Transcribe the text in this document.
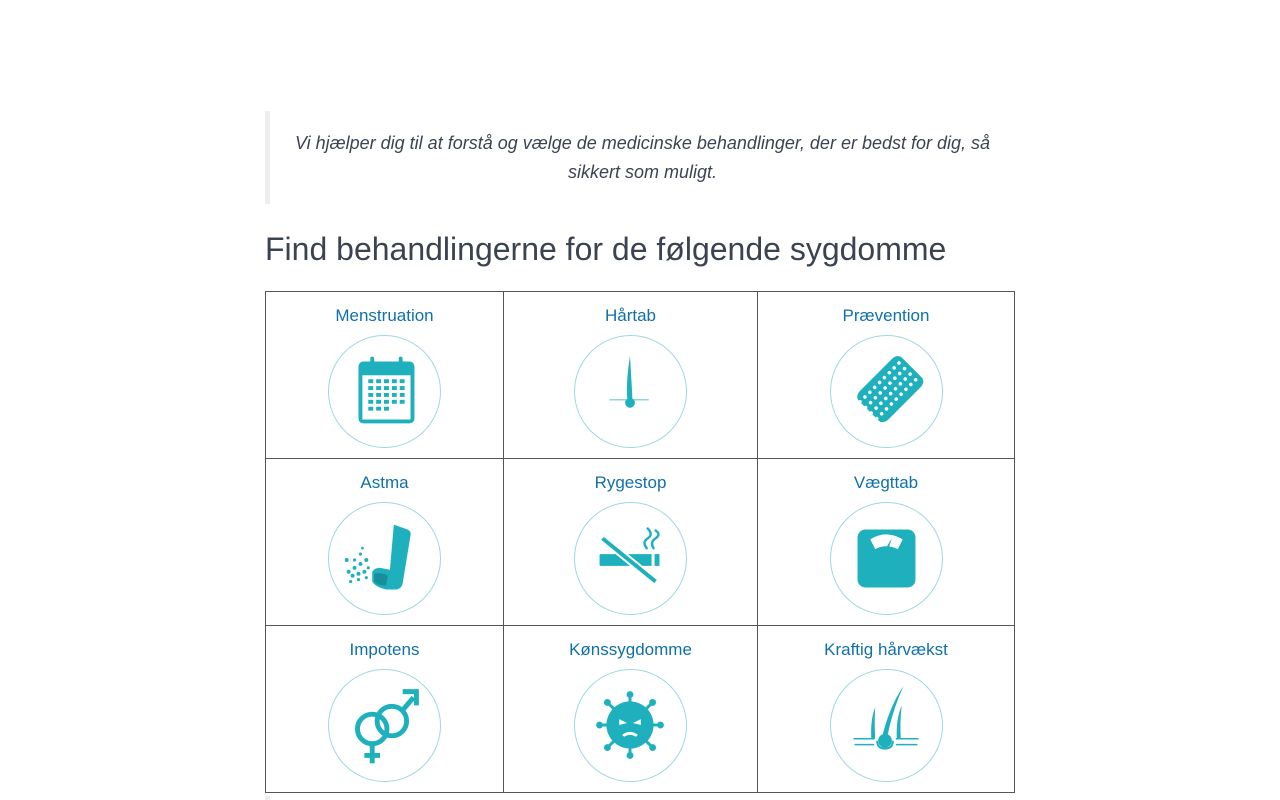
Vi hjælper dig til at forstå og vælge de medicinske behandlinger, der er bedst for dig, så sikkert som muligt.

Find behandlingerne for de følgende sygdomme
Menstruation	Hårtab	Prævention

Astma	Rygestop	Vægttab

Impotens	Kønssygdomme	Kraftig hårvækst
